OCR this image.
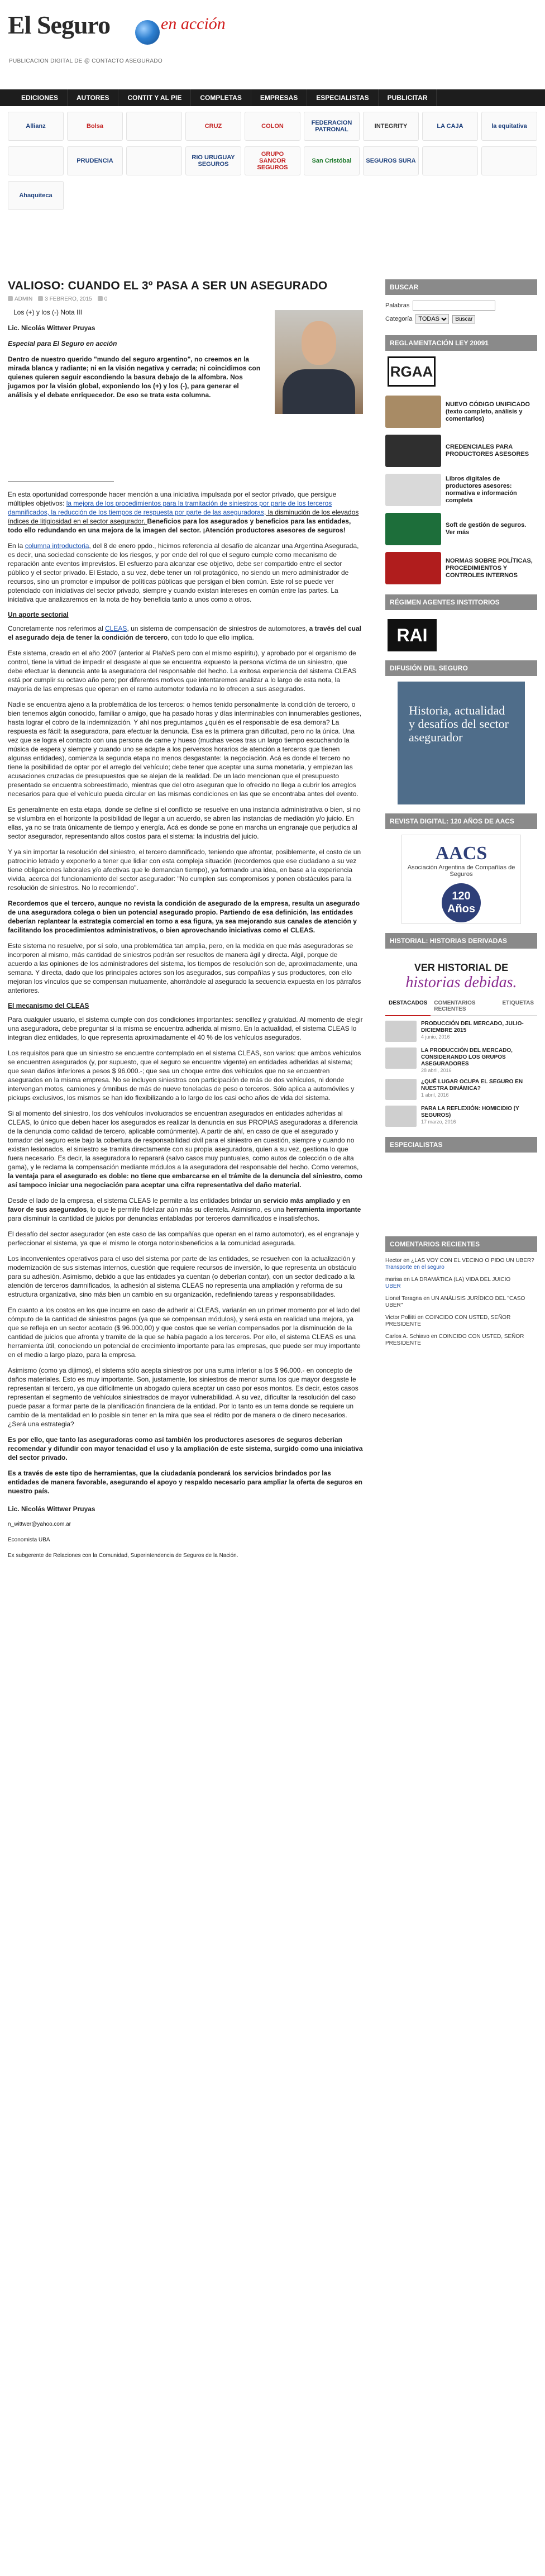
El Seguro	en acción
PUBLICACION DIGITAL DE @ CONTACTO ASEGURADO
EDICIONES	AUTORES	CONTIT Y AL PIE	COMPLETAS	EMPRESAS	ESPECIALISTAS	PUBLICITAR
Allianz	Bolsa	CRUZ	COLON	FEDERACION PATRONAL	INTEGRITY	LA CAJA	la equitativa
PRUDENCIA	RIO URUGUAY SEGUROS
GRUPO SANCOR SEGUROS
San Cristóbal	SEGUROS SURA
Ahaquiteca
VALIOSO: CUANDO EL 3º PASA A SER UN ASEGURADO
ADMIN	3 FEBRERO, 2015	0

Los (+) y los (-) Nota III

Lic. Nicolás Wittwer Pruyas

Especial para El Seguro en acción

Dentro de nuestro querido "mundo del seguro argentino", no creemos en la mirada blanca y radiante; ni en la visión negativa y cerrada; ni coincidimos con quienes quieren seguir escondiendo la basura debajo de la alfombra. Nos jugamos por la visión global, exponiendo los (+) y los (-), para generar el análisis y el debate enriquecedor. De eso se trata esta columna.

En esta oportunidad corresponde hacer mención a una iniciativa impulsada por el sector privado, que persigue múltiples objetivos: la mejora de los procedimientos para la tramitación de siniestros por parte de los terceros damnificados, la reducción de los tiempos de respuesta por parte de las aseguradoras, la disminución de los elevados índices de litigiosidad en el sector asegurador. Beneficios para los asegurados y beneficios para las entidades, todo ello redundando en una mejora de la imagen del sector. ¡Atención productores asesores de seguros!

En la columna introductoria, del 8 de enero ppdo., hicimos referencia al desafío de alcanzar una Argentina Asegurada, es decir, una sociedad consciente de los riesgos, y por ende del rol que el seguro cumple como mecanismo de reparación ante eventos imprevistos. El esfuerzo para alcanzar ese objetivo, debe ser compartido entre el sector público y el sector privado. El Estado, a su vez, debe tener un rol protagónico, no siendo un mero administrador de recursos, sino un promotor e impulsor de políticas públicas que persigan el bien común. Este rol se puede ver potenciado con iniciativas del sector privado, siempre y cuando existan intereses en común entre las partes. La iniciativa que analizaremos en la nota de hoy beneficia tanto a unos como a otros.

Un aporte sectorial

Concretamente nos referimos al CLEAS, un sistema de compensación de siniestros de automotores, a través del cual el asegurado deja de tener la condición de tercero, con todo lo que ello implica.

Este sistema, creado en el año 2007 (anterior al PlaNeS pero con el mismo espíritu), y aprobado por el organismo de control, tiene la virtud de impedir el desgaste al que se encuentra expuesto la persona víctima de un siniestro, que debe efectuar la denuncia ante la aseguradora del responsable del hecho. La exitosa experiencia del sistema CLEAS está por cumplir su octavo año pero; por diferentes motivos que intentaremos analizar a lo largo de esta nota, la mayoría de las empresas que operan en el ramo automotor todavía no lo ofrecen a sus asegurados.

Nadie se encuentra ajeno a la problemática de los terceros: o hemos tenido personalmente la condición de tercero, o bien tenemos algún conocido, familiar o amigo, que ha pasado horas y días interminables con innumerables gestiones, hasta lograr el cobro de la indemnización. Y ahí nos preguntamos ¿quién es el responsable de esa demora? La respuesta es fácil: la aseguradora, para efectuar la denuncia. Esa es la primera gran dificultad, pero no la única. Una vez que se logra el contacto con una persona de carne y hueso (muchas veces tras un largo tiempo escuchando la música de espera y siempre y cuando uno se adapte a los perversos horarios de atención a terceros que tienen algunas entidades), comienza la segunda etapa no menos desgastante: la negociación. Acá es donde el tercero no tiene la posibilidad de optar por el arreglo del vehículo; debe tener que aceptar una suma monetaria, y empiezan las acusaciones cruzadas de presupuestos que se alejan de la realidad. De un lado mencionan que el presupuesto presentado se encuentra sobreestimado, mientras que del otro aseguran que lo ofrecido no llega a cubrir los arreglos necesarios para que el vehículo pueda circular en las mismas condiciones en las que se encontraba antes del evento.

Es generalmente en esta etapa, donde se define si el conflicto se resuelve en una instancia administrativa o bien, si no se vislumbra en el horizonte la posibilidad de llegar a un acuerdo, se abren las instancias de mediación y/o juicio. En ellas, ya no se trata únicamente de tiempo y energía. Acá es donde se pone en marcha un engranaje que perjudica al sector asegurador, representando altos costos para el sistema: la industria del juicio.

Y ya sin importar la resolución del siniestro, el tercero damnificado, teniendo que afrontar, posiblemente, el costo de un patrocinio letrado y exponerlo a tener que lidiar con esta compleja situación (recordemos que ese ciudadano a su vez tiene obligaciones laborales y/o afectivas que le demandan tiempo), ya formando una idea, en base a la experiencia vivida, acerca del funcionamiento del sector asegurador: "No cumplen sus compromisos y ponen obstáculos para la resolución de siniestros. No lo recomiendo".

Recordemos que el tercero, aunque no revista la condición de asegurado de la empresa, resulta un asegurado de una aseguradora colega o bien un potencial asegurado propio. Partiendo de esa definición, las entidades deberían replantear la estrategia comercial en torno a esa figura, ya sea mejorando sus canales de atención y facilitando los procedimientos administrativos, o bien aprovechando iniciativas como el CLEAS.

Este sistema no resuelve, por sí solo, una problemática tan amplia, pero, en la medida en que más aseguradoras se incorporen al mismo, más cantidad de siniestros podrán ser resueltos de manera ágil y directa. Algil, porque de acuerdo a las opiniones de los administradores del sistema, los tiempos de resolución son de, aproximadamente, una semana. Y directa, dado que los principales actores son los asegurados, sus compañías y sus productores, con ello mejoran los vínculos que se compensan mutuamente, ahorrándole al asegurado la secuencia expuesta en los párrafos anteriores.

El mecanismo del CLEAS

Para cualquier usuario, el sistema cumple con dos condiciones importantes: sencillez y gratuidad. Al momento de elegir una aseguradora, debe preguntar si la misma se encuentra adherida al mismo. En la actualidad, el sistema CLEAS lo integran diez entidades, lo que representa aproximadamente el 40 % de los vehículos asegurados.

Los requisitos para que un siniestro se encuentre contemplado en el sistema CLEAS, son varios: que ambos vehículos se encuentren asegurados (y, por supuesto, que el seguro se encuentre vigente) en entidades adheridas al sistema; que sean daños inferiores a pesos $ 96.000.-; que sea un choque entre dos vehículos que no se encuentren asegurados en la misma empresa. No se incluyen siniestros con participación de más de dos vehículos, ni donde intervengan motos, camiones y ómnibus de más de nueve toneladas de peso o terceros. Sólo aplica a automóviles y pickups exclusivos, los mismos se han ido flexibilizando a lo largo de los casi ocho años de vida del sistema.

Si al momento del siniestro, los dos vehículos involucrados se encuentran asegurados en entidades adheridas al CLEAS, lo único que deben hacer los asegurados es realizar la denuncia en sus PROPIAS aseguradoras a diferencia de la denuncia como calidad de tercero, aplicable comúnmente). A partir de ahí, en caso de que el asegurado y tomador del seguro este bajo la cobertura de responsabilidad civil para el siniestro en cuestión, siempre y cuando no existan lesionados, el siniestro se tramita directamente con su propia aseguradora, quien a su vez, gestiona lo que fuera necesario. Es decir, la aseguradora lo reparará (salvo casos muy puntuales, como autos de colección o de alta gama), y le reclama la compensación mediante módulos a la aseguradora del responsable del hecho. Como veremos, la ventaja para el asegurado es doble: no tiene que embarcarse en el trámite de la denuncia del siniestro, como así tampoco iniciar una negociación para aceptar una cifra representativa del daño material.

Desde el lado de la empresa, el sistema CLEAS le permite a las entidades brindar un servicio más ampliado y en favor de sus asegurados, lo que le permite fidelizar aún más su clientela. Asimismo, es una herramienta importante para disminuir la cantidad de juicios por denuncias entabladas por terceros damnificados e insatisfechos.

El desafío del sector asegurador (en este caso de las compañías que operan en el ramo automotor), es el engranaje y perfeccionar el sistema, ya que el mismo le otorga notoriosbeneficios a la comunidad asegurada.

Los inconvenientes operativos para el uso del sistema por parte de las entidades, se resuelven con la actualización y modernización de sus sistemas internos, cuestión que requiere recursos de inversión, lo que representa un obstáculo para su adhesión. Asimismo, debido a que las entidades ya cuentan (o deberían contar), con un sector dedicado a la atención de terceros damnificados, la adhesión al sistema CLEAS no representa una ampliación y reforma de su estructura organizativa, sino más bien un cambio en su organización, redefiniendo tareas y responsabilidades.

En cuanto a los costos en los que incurre en caso de adherir al CLEAS, variarán en un primer momento por el lado del cómputo de la cantidad de siniestros pagos (ya que se compensan módulos), y será esta en realidad una mejora, ya que se refleja en un sector acotado ($ 96.000,00) y que costos que se verían compensados por la disminución de la cantidad de juicios que afronta y tramite de la que se había pagado a los terceros. Por ello, el sistema CLEAS es una herramienta útil, conociendo un potencial de crecimiento importante para las empresas, que puede ser muy importante en el medio a largo plazo, para la empresa.

Asimismo (como ya dijimos), el sistema sólo acepta siniestros por una suma inferior a los $ 96.000.- en concepto de daños materiales. Esto es muy importante. Son, justamente, los siniestros de menor suma los que mayor desgaste le representan al tercero, ya que difícilmente un abogado quiera aceptar un caso por esos montos. Es decir, estos casos representan el segmento de vehículos siniestrados de mayor vulnerabilidad. A su vez, dificultar la resolución del caso puede pasar a formar parte de la planificación financiera de la entidad. Por lo tanto es un tema donde se requiere un cambio de la mentalidad en lo posible sin tener en la mira que sea el rédito por de manera o de dinero necesarios. ¿Será una estrategia?

Es por ello, que tanto las aseguradoras como así también los productores asesores de seguros deberían recomendar y difundir con mayor tenacidad el uso y la ampliación de este sistema, surgido como una iniciativa del sector privado.

Es a través de este tipo de herramientas, que la ciudadanía ponderará los servicios brindados por las entidades de manera favorable, asegurando el apoyo y respaldo necesario para ampliar la oferta de seguros en nuestro país.

Lic. Nicolás Wittwer Pruyas

n_wittwer@yahoo.com.ar

Economista UBA

Ex subgerente de Relaciones con la Comunidad, Superintendencia de Seguros de la Nación.

BUSCAR
Palabras
Categoría
TODAS	Buscar
REGLAMENTACIÓN LEY 20091
RGAA
NUEVO CÓDIGO UNIFICADO (texto completo, análisis y comentarios)
CREDENCIALES PARA PRODUCTORES ASESORES
Libros digitales de productores asesores: normativa e información completa
Soft de gestión de seguros. Ver más
NORMAS SOBRE POLÍTICAS, PROCEDIMIENTOS Y CONTROLES INTERNOS
RÉGIMEN AGENTES INSTITORIOS
RAI
DIFUSIÓN DEL SEGURO
Historia, actualidad y desafíos del sector asegurador
REVISTA DIGITAL: 120 AÑOS DE AACS
AACS
Asociación Argentina de Compañías de Seguros
120 Años
HISTORIAL: HISTORIAS DERIVADAS
VER HISTORIAL DE
historias debidas.
DESTACADOS	COMENTARIOS RECIENTES
ETIQUETAS
PRODUCCIÓN DEL MERCADO, JULIO-DICIEMBRE 2015
4 junio, 2016
LA PRODUCCIÓN DEL MERCADO, CONSIDERANDO LOS GRUPOS ASEGURADORES
28 abril, 2016
¿QUÉ LUGAR OCUPA EL SEGURO EN NUESTRA DINÁMICA?
1 abril, 2016
PARA LA REFLEXIÓN: HOMICIDIO (Y SEGUROS)
17 marzo, 2016
ESPECIALISTAS
COMENTARIOS RECIENTES
Hector en ¿LAS VOY CON EL VECINO O PIDO UN UBER?
Transporte en el seguro
marisa en LA DRAMÁTICA (LA) VIDA DEL JUICIO
UBER
Lionel Teragna en UN ANÁLISIS JURÍDICO DEL "CASO UBER"
Victor Pollitti en COINCIDO CON USTED, SEÑOR PRESIDENTE
Carlos A. Schiavo en COINCIDO CON USTED, SEÑOR PRESIDENTE
